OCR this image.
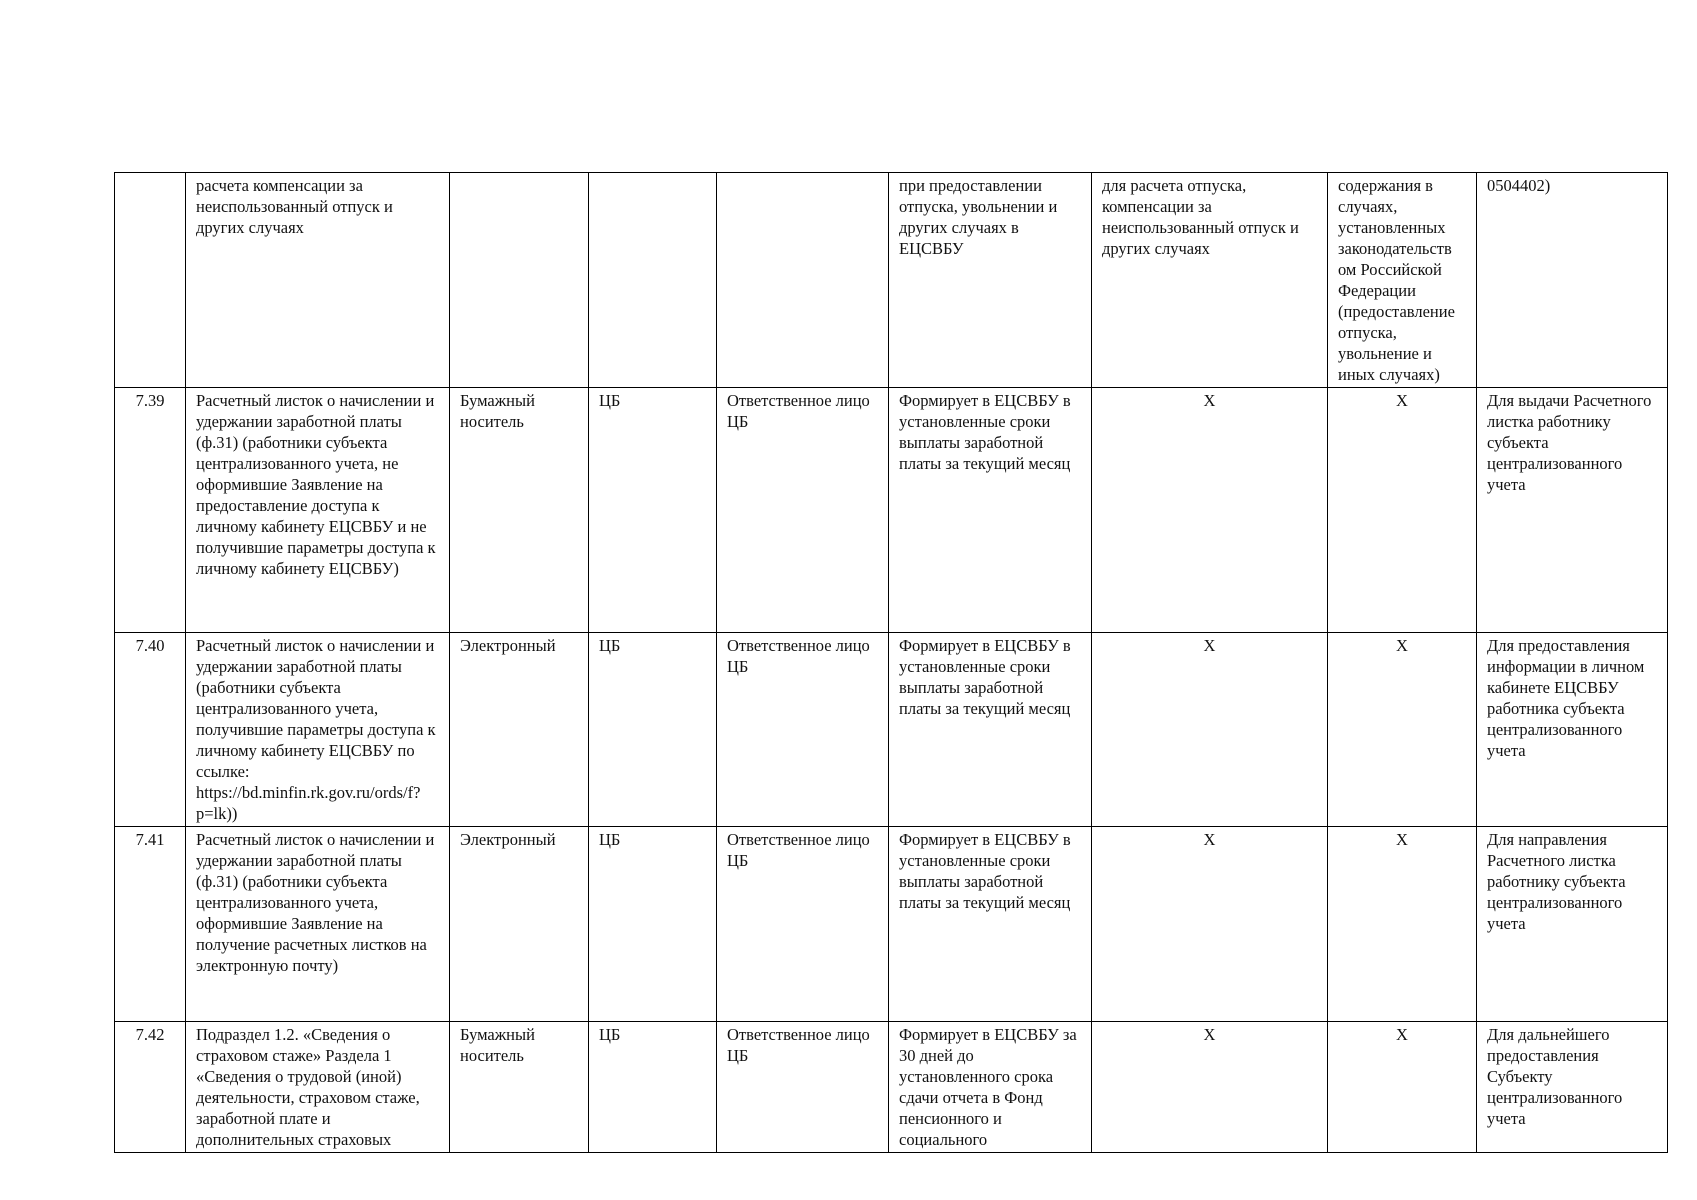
	расчета компенсации за неиспользованный отпуск и других случаях				при предоставлении отпуска, увольнении и других случаях в ЕЦСВБУ	для расчета отпуска, компенсации за неиспользованный отпуск и других случаях	содержания в случаях, установленных законодательств ом Российской Федерации (предоставление отпуска, увольнение и иных случаях)	0504402)
7.39	Расчетный листок о начислении и удержании заработной платы (ф.31) (работники субъекта централизованного учета, не оформившие Заявление на предоставление доступа к личному кабинету ЕЦСВБУ и не получившие параметры доступа к личному кабинету ЕЦСВБУ)	Бумажный носитель	ЦБ	Ответственное лицо ЦБ	Формирует в ЕЦСВБУ в установленные сроки выплаты заработной платы за текущий месяц	Х	Х	Для выдачи Расчетного листка работнику субъекта централизованного учета
7.40	Расчетный листок о начислении и удержании заработной платы (работники субъекта централизованного учета, получившие параметры доступа к личному кабинету ЕЦСВБУ по ссылке: https://bd.minfin.rk.gov.ru/ords/f?p=lk))	Электронный	ЦБ	Ответственное лицо ЦБ	Формирует в ЕЦСВБУ в установленные сроки выплаты заработной платы за текущий месяц	Х	Х	Для предоставления информации в личном кабинете ЕЦСВБУ работника субъекта централизованного учета
7.41	Расчетный листок о начислении и удержании заработной платы (ф.31) (работники субъекта централизованного учета, оформившие Заявление на получение расчетных листков на электронную почту)	Электронный	ЦБ	Ответственное лицо ЦБ	Формирует в ЕЦСВБУ в установленные сроки выплаты заработной платы за текущий месяц	Х	Х	Для направления Расчетного листка работнику субъекта централизованного учета
7.42	Подраздел 1.2. «Сведения о страховом стаже» Раздела 1 «Сведения о трудовой (иной) деятельности, страховом стаже, заработной плате и дополнительных страховых	Бумажный носитель	ЦБ	Ответственное лицо ЦБ	Формирует в ЕЦСВБУ за 30 дней до установленного срока сдачи отчета в Фонд пенсионного и социального	Х	Х	Для дальнейшего предоставления Субъекту централизованного учета
